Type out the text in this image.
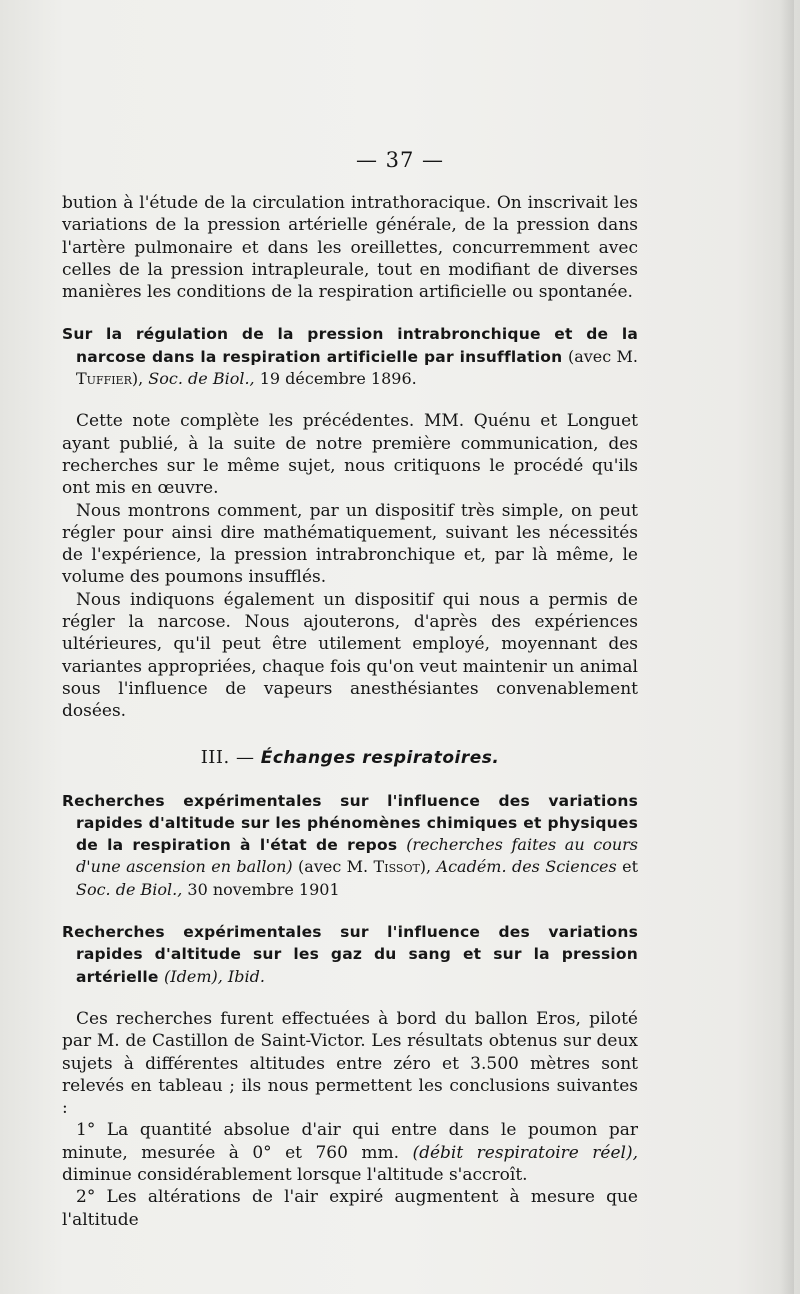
— 37 —

bution à l'étude de la circulation intrathoracique. On inscrivait les variations de la pression artérielle générale, de la pression dans l'artère pulmonaire et dans les oreillettes, concurremment avec celles de la pression intrapleurale, tout en modifiant de diverses manières les conditions de la respiration artificielle ou spontanée.

Sur la régulation de la pression intrabronchique et de la narcose dans la respiration artificielle par insufflation (avec M. Tuffier), Soc. de Biol., 19 décembre 1896.

Cette note complète les précédentes. MM. Quénu et Longuet ayant publié, à la suite de notre première communication, des recherches sur le même sujet, nous critiquons le procédé qu'ils ont mis en œuvre.

Nous montrons comment, par un dispositif très simple, on peut régler pour ainsi dire mathématiquement, suivant les nécessités de l'expérience, la pression intrabronchique et, par là même, le volume des poumons insufflés.

Nous indiquons également un dispositif qui nous a permis de régler la narcose. Nous ajouterons, d'après des expériences ultérieures, qu'il peut être utilement employé, moyennant des variantes appropriées, chaque fois qu'on veut maintenir un animal sous l'influence de vapeurs anesthésiantes convenablement dosées.

III. — Échanges respiratoires.

Recherches expérimentales sur l'influence des variations rapides d'altitude sur les phénomènes chimiques et physiques de la respiration à l'état de repos (recherches faites au cours d'une ascension en ballon) (avec M. Tissot), Académ. des Sciences et Soc. de Biol., 30 novembre 1901

Recherches expérimentales sur l'influence des variations rapides d'altitude sur les gaz du sang et sur la pression artérielle (Idem), Ibid.

Ces recherches furent effectuées à bord du ballon Eros, piloté par M. de Castillon de Saint-Victor. Les résultats obtenus sur deux sujets à différentes altitudes entre zéro et 3.500 mètres sont relevés en tableau ; ils nous permettent les conclusions suivantes :

1° La quantité absolue d'air qui entre dans le poumon par minute, mesurée à 0° et 760 mm. (débit respiratoire réel), diminue considérablement lorsque l'altitude s'accroît.

2° Les altérations de l'air expiré augmentent à mesure que l'altitude
